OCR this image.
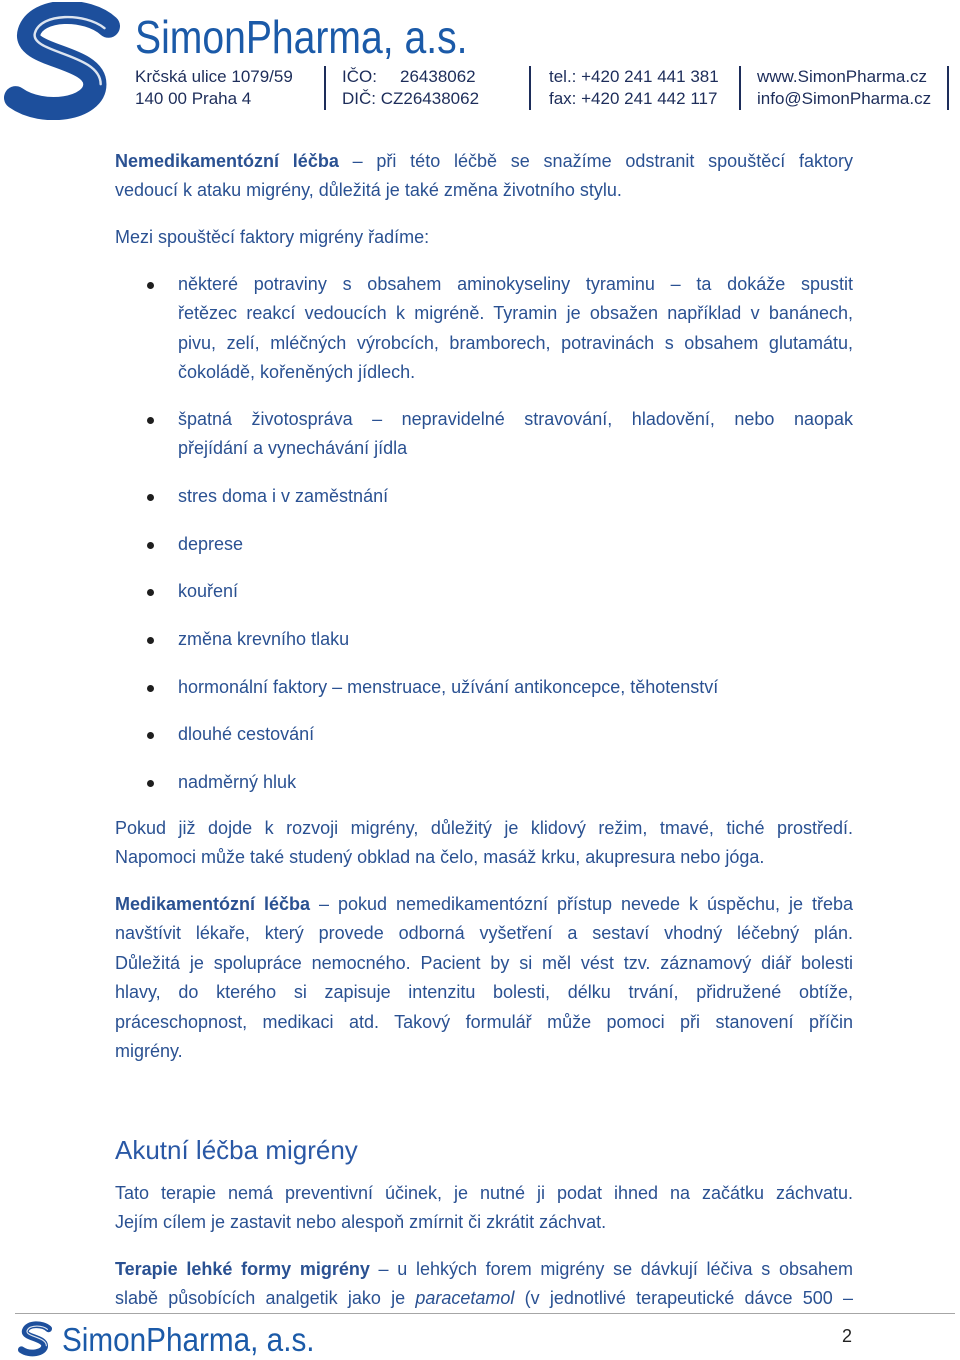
SimonPharma, a.s.
Krčská ulice 1079/59
140 00 Praha 4
IČO: 26438062
DIČ: CZ26438062
tel.: +420 241 441 381
fax: +420 241 442 117
www.SimonPharma.cz
info@SimonPharma.cz
Nemedikamentózní léčba – při této léčbě se snažíme odstranit spouštěcí faktory
vedoucí k ataku migrény, důležitá je také změna životního stylu.
Mezi spouštěcí faktory migrény řadíme:
některé potraviny s obsahem aminokyseliny tyraminu – ta dokáže spustit
řetězec reakcí vedoucích k migréně. Tyramin je obsažen například v banánech,
pivu, zelí, mléčných výrobcích, bramborech, potravinách s obsahem glutamátu,
čokoládě, kořeněných jídlech.
špatná životospráva – nepravidelné stravování, hladovění, nebo naopak
přejídání a vynechávání jídla
stres doma i v zaměstnání
deprese
kouření
změna krevního tlaku
hormonální faktory – menstruace, užívání antikoncepce, těhotenství
dlouhé cestování
nadměrný hluk
Pokud již dojde k rozvoji migrény, důležitý je klidový režim, tmavé, tiché prostředí.
Napomoci může také studený obklad na čelo, masáž krku, akupresura nebo jóga.
Medikamentózní léčba – pokud nemedikamentózní přístup nevede k úspěchu, je třeba
navštívit lékaře, který provede odborná vyšetření a sestaví vhodný léčebný plán.
Důležitá je spolupráce nemocného. Pacient by si měl vést tzv. záznamový diář bolesti
hlavy, do kterého si zapisuje intenzitu bolesti, délku trvání, přidružené obtíže,
práceschopnost, medikaci atd. Takový formulář může pomoci při stanovení příčin
migrény.
Akutní léčba migrény
Tato terapie nemá preventivní účinek, je nutné ji podat ihned na začátku záchvatu.
Jejím cílem je zastavit nebo alespoň zmírnit či zkrátit záchvat.
Terapie lehké formy migrény – u lehkých forem migrény se dávkují léčiva s obsahem
slabě působících analgetik jako je paracetamol (v jednotlivé terapeutické dávce 500 –
SimonPharma, a.s.	2
